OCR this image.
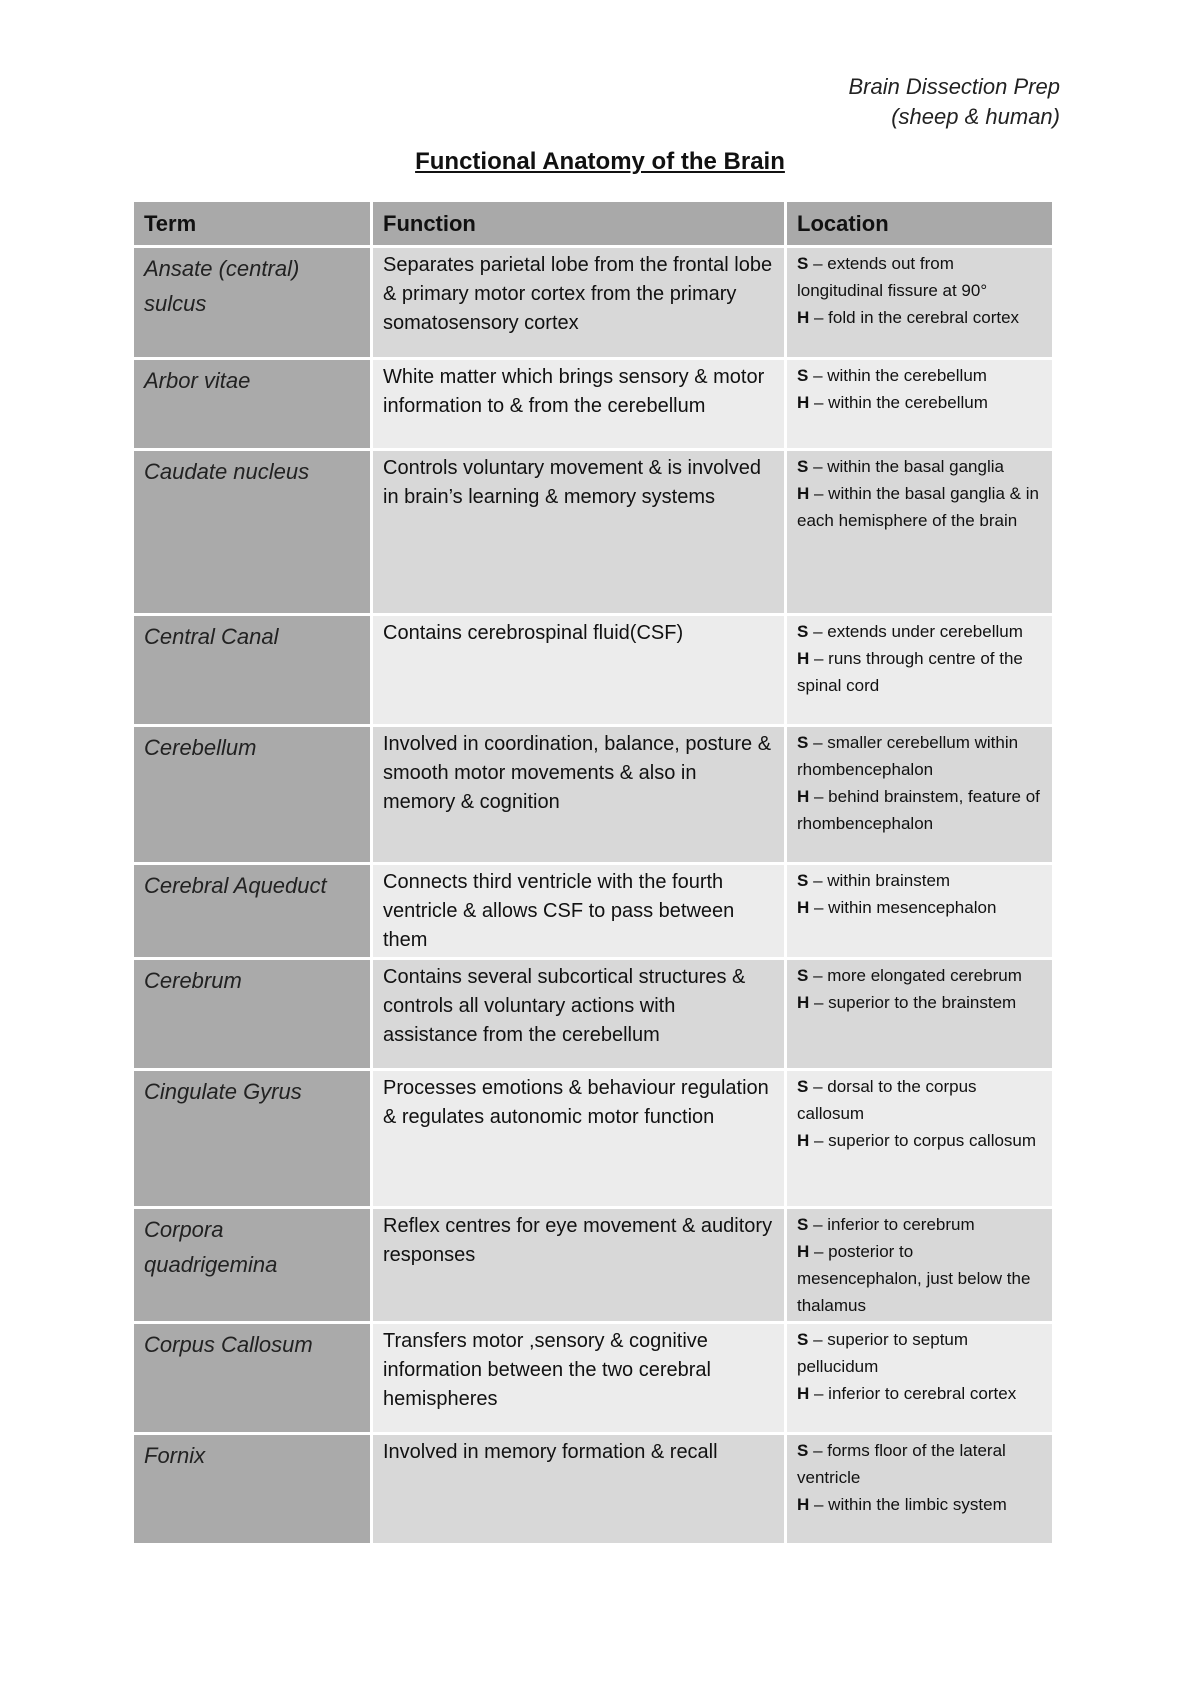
Brain Dissection Prep
(sheep & human)
Functional Anatomy of the Brain
Term	Function	Location
Ansate (central) sulcus	Separates parietal lobe from the frontal lobe & primary motor cortex from the primary somatosensory cortex	S – extends out from longitudinal fissure at 90°
H – fold in the cerebral cortex

Arbor vitae	White matter which brings sensory & motor information to & from the cerebellum	S – within the cerebellum
H – within the cerebellum

Caudate nucleus	Controls voluntary movement & is involved in brain’s learning & memory systems	S – within the basal ganglia
H – within the basal ganglia & in each hemisphere of the brain

Central Canal	Contains cerebrospinal fluid(CSF)	S – extends under cerebellum
H – runs through centre of the spinal cord

Cerebellum	Involved in coordination, balance, posture & smooth motor movements & also in memory & cognition	S – smaller cerebellum within rhombencephalon
H – behind brainstem, feature of rhombencephalon

Cerebral Aqueduct	Connects third ventricle with the fourth ventricle & allows CSF to pass between them	S – within brainstem
H – within mesencephalon

Cerebrum	Contains several subcortical structures & controls all voluntary actions with assistance from the cerebellum	S – more elongated cerebrum
H – superior to the brainstem

Cingulate Gyrus	Processes emotions & behaviour regulation & regulates autonomic motor function	S – dorsal to the corpus callosum
H – superior to corpus callosum

Corpora quadrigemina	Reflex centres for eye movement & auditory responses	S – inferior to cerebrum
H – posterior to mesencephalon, just below the thalamus

Corpus Callosum	Transfers motor ,sensory & cognitive information between the two cerebral hemispheres	S – superior to septum pellucidum
H – inferior to cerebral cortex

Fornix	Involved in memory formation & recall	S – forms floor of the lateral ventricle
H – within the limbic system
